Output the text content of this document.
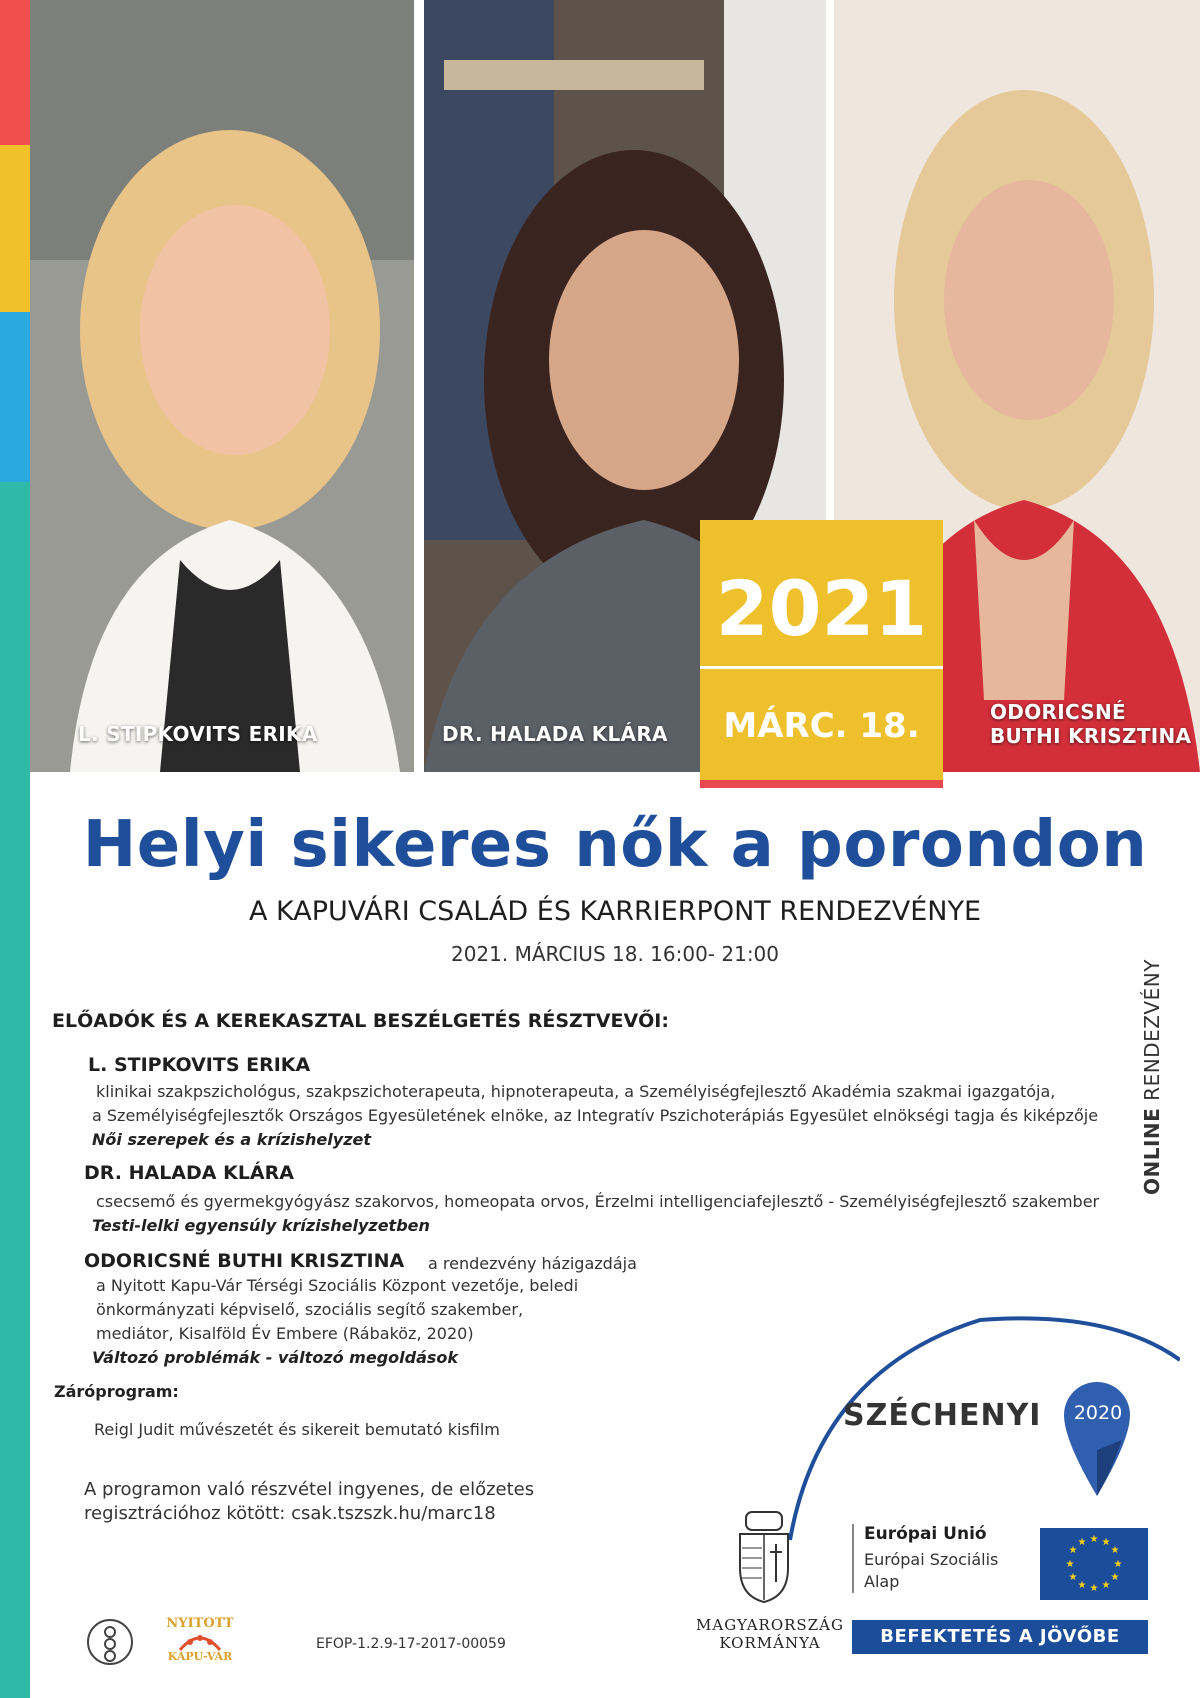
L. STIPKOVITS ERIKA	DR. HALADA KLÁRA
ODORICSNÉ
BUTHI KRISZTINA
2021
MÁRC. 18.
Helyi sikeres nők a porondon
A KAPUVÁRI CSALÁD ÉS KARRIERPONT RENDEZVÉNYE
2021. MÁRCIUS 18. 16:00- 21:00
ELŐADÓK ÉS A KEREKASZTAL BESZÉLGETÉS RÉSZTVEVŐI:
L. STIPKOVITS ERIKA
klinikai szakpszichológus, szakpszichoterapeuta, hipnoterapeuta, a Személyiségfejlesztő Akadémia szakmai igazgatója,
a Személyiségfejlesztők Országos Egyesületének elnöke, az Integratív Pszichoterápiás Egyesület elnökségi tagja és kiképzője
Női szerepek és a krízishelyzet
DR. HALADA KLÁRA
csecsemő és gyermekgyógyász szakorvos, homeopata orvos, Érzelmi intelligenciafejlesztő - Személyiségfejlesztő szakember
Testi-lelki egyensúly krízishelyzetben
ODORICSNÉ BUTHI KRISZTINA a rendezvény házigazdája
a Nyitott Kapu-Vár Térségi Szociális Központ vezetője, beledi
önkormányzati képviselő, szociális segítő szakember,
mediátor, Kisalföld Év Embere (Rábaköz, 2020)
Változó problémák - változó megoldások
Záróprogram:
Reigl Judit művészetét és sikereit bemutató kisfilm
A programon való részvétel ingyenes, de előzetes
regisztrációhoz kötött: csak.tszszk.hu/marc18
ONLINE RENDEZVÉNY
SZÉCHENYI 2020
MAGYARORSZÁG
KORMÁNYA
Európai Unió
Európai Szociális
Alap
★ ★
★
★
★
★
★
★
★
★
★
★
BEFEKTETÉS A JÖVŐBE
NYITOTT
KAPU-VÁR
EFOP-1.2.9-17-2017-00059
